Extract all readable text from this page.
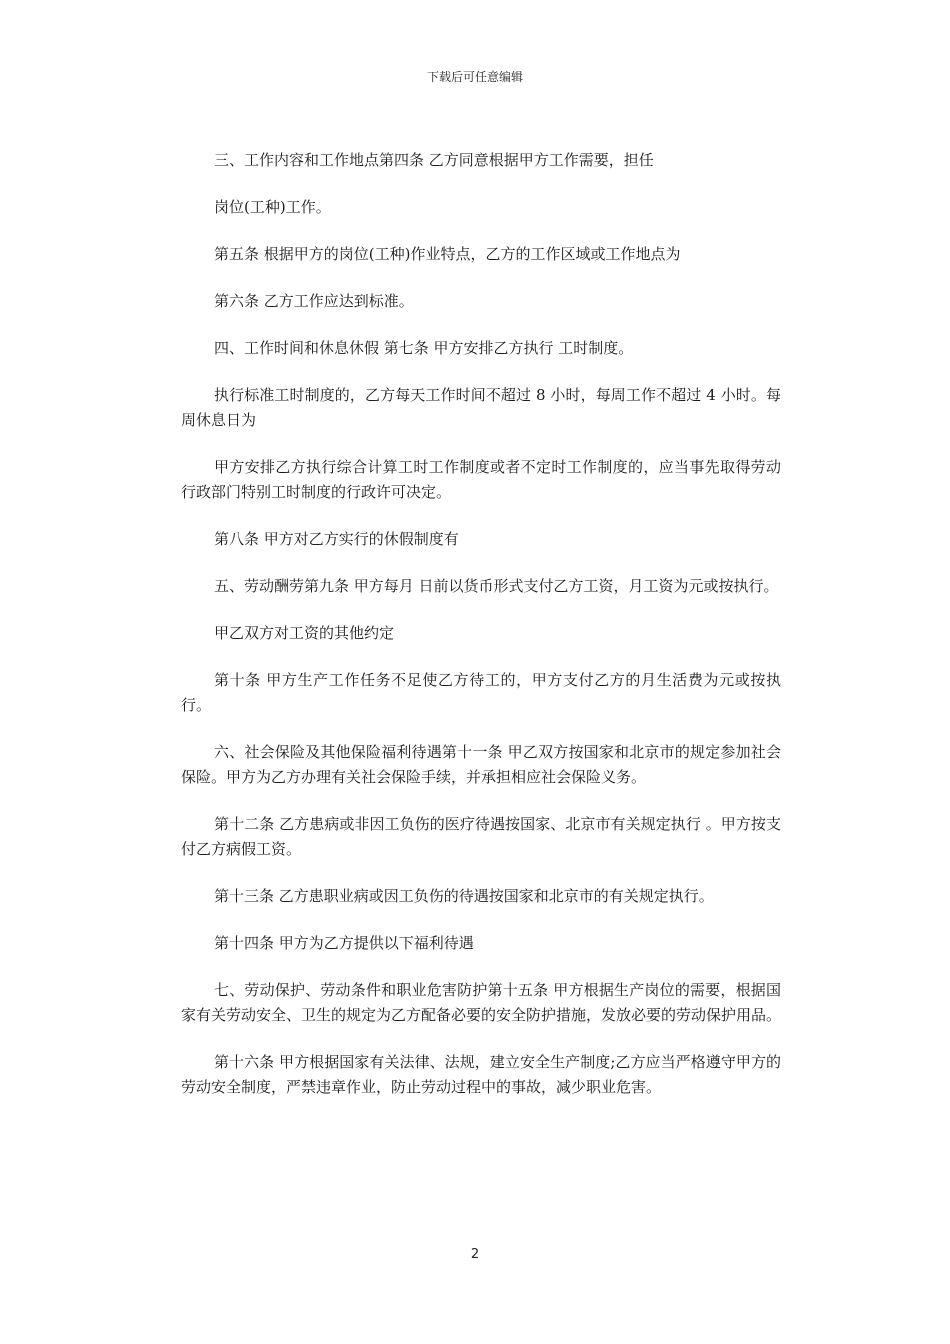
下载后可任意编辑

三、工作内容和工作地点第四条 乙方同意根据甲方工作需要，担任

岗位(工种)工作。

第五条 根据甲方的岗位(工种)作业特点，乙方的工作区域或工作地点为

第六条 乙方工作应达到标准。

四、工作时间和休息休假 第七条 甲方安排乙方执行 工时制度。

执行标准工时制度的，乙方每天工作时间不超过 8 小时，每周工作不超过 4 小时。每周休息日为

甲方安排乙方执行综合计算工时工作制度或者不定时工作制度的，应当事先取得劳动行政部门特别工时制度的行政许可决定。

第八条 甲方对乙方实行的休假制度有

五、劳动酬劳第九条 甲方每月 日前以货币形式支付乙方工资，月工资为元或按执行。

甲乙双方对工资的其他约定

第十条 甲方生产工作任务不足使乙方待工的，甲方支付乙方的月生活费为元或按执行。

六、社会保险及其他保险福利待遇第十一条 甲乙双方按国家和北京市的规定参加社会保险。甲方为乙方办理有关社会保险手续，并承担相应社会保险义务。

第十二条 乙方患病或非因工负伤的医疗待遇按国家、北京市有关规定执行 。甲方按支付乙方病假工资。

第十三条 乙方患职业病或因工负伤的待遇按国家和北京市的有关规定执行。

第十四条 甲方为乙方提供以下福利待遇

七、劳动保护、劳动条件和职业危害防护第十五条 甲方根据生产岗位的需要，根据国家有关劳动安全、卫生的规定为乙方配备必要的安全防护措施，发放必要的劳动保护用品。

第十六条 甲方根据国家有关法律、法规，建立安全生产制度;乙方应当严格遵守甲方的劳动安全制度，严禁违章作业，防止劳动过程中的事故，减少职业危害。

2
